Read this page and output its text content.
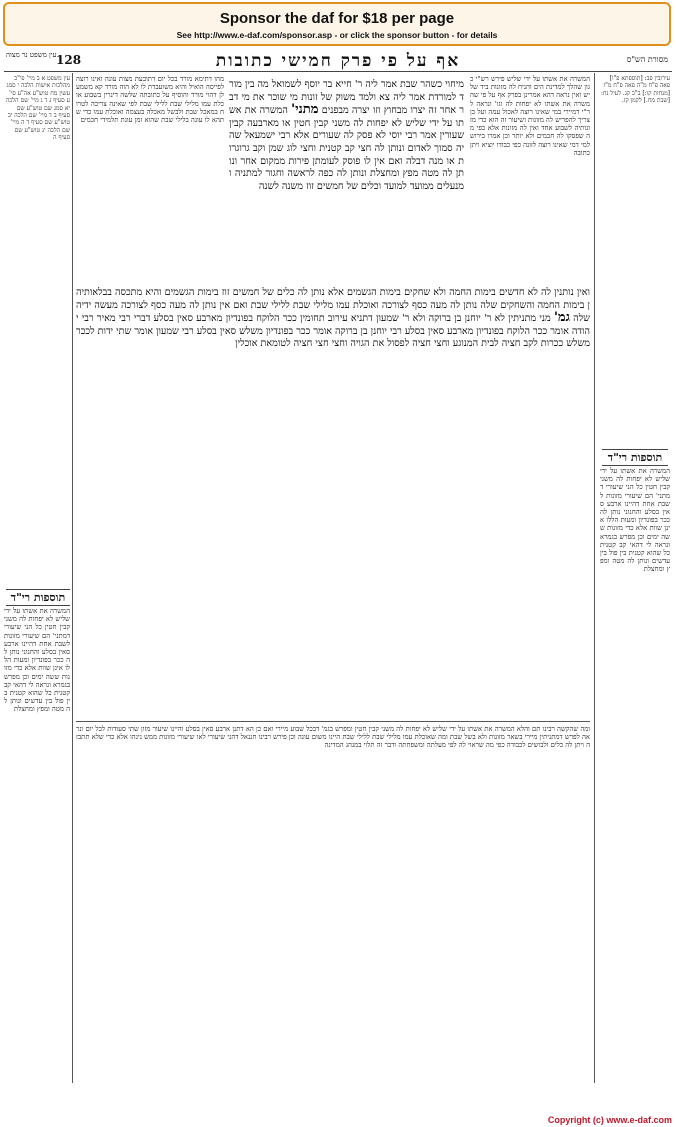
Sponsor the daf for $18 per page
See http://www.e-daf.com/sponsor.asp - or click the sponsor button - for details
עין משפט נר מצוה 128	אף על פי פרק חמישי כתובות	מסורת הש"ס
עין משפט א ב מיי' פי"ב מהלכות אישות הלכה י סמג עשין מח טוש"ע אה"ע סי' ע סעיף ג ד ג מיי' שם הלכה יא סמג שם טוש"ע שם סעיף ב ד מיי' שם הלכה יב טוש"ע שם סעיף ד ה מיי' שם הלכה יג טוש"ע שם סעיף ה
מהו דתימא מורד בכל יום דתובעת מצות עונה ואינו רוצה לפייסה הואיל והיא משועבדת לו לא הוה מורד קא משמע לן דהוי מורד והוסיף על כתובתה שלשה דינרין בשבוע אוכלת עמו מלילי שבת ללילי שבת לפי שאינה צריכה לטרוח במאכל שבת ולבשל מאכלה בעצמה ואוכלת עמו כדי שתהא לו עונה בלילי שבת שהוא זמן עונת תלמידי חכמים
מיחוי כשהר שבת אמר ליה ר' חייא בר יוסף לשמואל מה בין מורד למורדת אמר ליה צא ולמד משוק של זונות מי שוכר את מי דבר אחר זה יצרו מבחוץ וזו יצרה מבפנים מתני' המשרה את אשתו על ידי שליש לא יפחות לה משני קבין חטין או מארבעה קבין שעורין אמר רבי יוסי לא פסק לה שעורים אלא רבי ישמעאל שהיה סמוך לאדום ונותן לה חצי קב קטנית וחצי לוג שמן וקב גרוגרות או מנה דבלה ואם אין לו פוסק לעומתן פירות ממקום אחר ונותן לה מטה מפץ ומחצלת ונותן לה כפה לראשה וחגור למתניה ומנעלים ממועד למועד וכלים של חמשים זוז משנה לשנה
המשרה את אשתו על ידי שליש פירש רש"י כגון שהלך למדינת הים והניח לה מזונות ביד שליש ואין נראה דהא אמרינן בפרק אף על פי שהמשרה את אשתו לא יפחות לה וגו' ונראה לר"י דמיירי במי שאינו רוצה לאכול עמה ועל כן צריך להפריש לה מזונות ושיעור זה הוא כדי מזונותיה לשבוע אחד ואין לה מזונות אלא כפי מה שפסקו לה חכמים ולא יותר וכן אמרו בירושלמי דמי שאינו רוצה לזונה כפי כבודו יוציא ויתן כתובה
עירובין פב: [תוספתא פ"ו] פאה פ"ח מ"ה פאה פ"ח מ"ז [מנחות קו:] ב"ב קג. לעיל נח: [שבת מח.] לקמן קז.
ואין נותנין לה לא חדשים בימות החמה ולא שחקים בימות הגשמים אלא נותן לה כלים של חמשים זוז בימות הגשמים והיא מתכסה בבלאותיהן בימות החמה והשחקים שלה נותן לה מעה כסף לצורכה ואוכלת עמו מלילי שבת ללילי שבת ואם אין נותן לה מעה כסף לצורכה מעשה ידיה שלה גמ' מני מתניתין לא ר' יוחנן בן ברוקה ולא ר' שמעון דתניא עירוב תחומין ככר הלוקח בפונדיון מארבע סאין בסלע דברי רבי מאיר רבי יהודה אומר ככר הלוקח בפונדיון מארבע סאין בסלע רבי יוחנן בן ברוקה אומר ככר בפונדיון משלש סאין בסלע רבי שמעון אומר שתי ידות לככר משלש ככרות לקב חציה לבית המנוגע וחצי חציה לפסול את הגויה וחצי חצי חציה לטומאת אוכלין
תוספות רי"ד
המשרה את אשתו על ידי שליש לא יפחות לה משני קבין חטין כל הני שיעורי דמתני' הם שיעורי מזונות לשבת אחת דהיינו ארבע סאין בסלע והחנוני נותן לה ככר בפונדיון ומעות הללו אינן שוות אלא כדי מזונות ששה ימים וכן מפרש בגמרא ונראה לי דהאי קב קטנית כל שהוא קטנית בין פול בין עדשים ונותן לה מטה ומפץ ומחצלת
תוספות רי"ד
המשרה את אשתו על ידי שליש לא יפחות לה משני קבין חטין כל הני שיעורי דמתני' הם שיעורי מזונות לשבת אחת דהיינו ארבע סאין בסלע והחנוני נותן לה ככר בפונדיון ומעות הללו אינן שוות אלא כדי מזונות ששה ימים וכן מפרש בגמרא ונראה לי דהאי קב קטנית כל שהוא קטנית בין פול בין עדשים ונותן לה מטה ומפץ ומחצלת
ומה שהקשה רבינו תם והלא המשרה את אשתו על ידי שליש לא יפחות לה משני קבין חטין ומפרש בגמ' דבכל שבוע מיירי ואם כן הא דתנן ארבע סאין בסלע והיינו שיעור מזון שתי סעודות לכל יום ונראה לפרש דמתניתין מיירי בשאר מזונות ולא בשל שבת ומה שאוכלת עמו מלילי שבת ללילי שבת היינו משום עונה וכן פירש רבינו חננאל דהני שיעורי לאו שיעורי מזונות ממש נינהו אלא כדי שלא תתבזה ויתן לה כלים ולבושים לכבודה כפי מה שראוי לה לפי מעלתה ומשפחתה ודבר זה תלוי במנהג המדינה
Copyright (c) www.e-daf.com
